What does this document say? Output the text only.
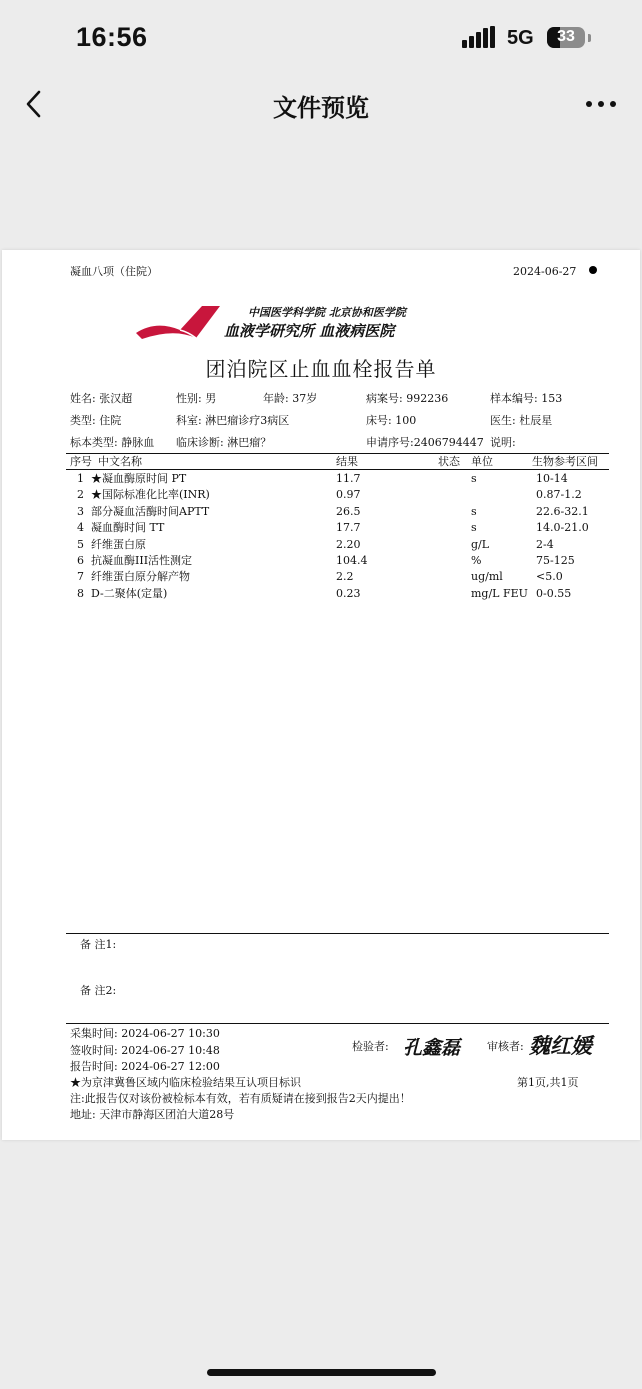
16:56	5G	33
文件预览
凝血八项（住院）	2024-06-27
中国医学科学院 北京协和医学院
血液学研究所 血液病医院
团泊院区止血血栓报告单
姓名: 张汉超	性别: 男	年龄: 37岁	病案号: 992236	样本编号: 153
类型: 住院	科室: 淋巴瘤诊疗3病区	床号: 100	医生: 杜辰星
标本类型: 静脉血 临床诊断: 淋巴瘤？	申请序号:2406794447 说明:
序号 中文名称	结果	状态 单位	生物参考区间
1 ★凝血酶原时间 PT	11.7	s	10-14
2 ★国际标准化比率(INR)	0.97	0.87-1.2
3 部分凝血活酶时间APTT	26.5	s	22.6-32.1
4 凝血酶时间 TT	17.7	s	14.0-21.0
5 纤维蛋白原	2.20	g/L	2-4
6 抗凝血酶III活性测定	104.4	%	75-125
7 纤维蛋白原分解产物	2.2	ug/ml	<5.0
8 D-二聚体(定量)	0.23	mg/L FEU 0-0.55
备 注1:
备 注2:
采集时间: 2024-06-27 10:30
签收时间: 2024-06-27 10:48
报告时间: 2024-06-27 12:00
检验者: 孔鑫磊 审核者: 魏红媛
第1页,共1页
★为京津冀鲁区域内临床检验结果互认项目标识
注:此报告仅对该份被检标本有效，若有质疑请在接到报告2天内提出！
地址: 天津市静海区团泊大道28号
